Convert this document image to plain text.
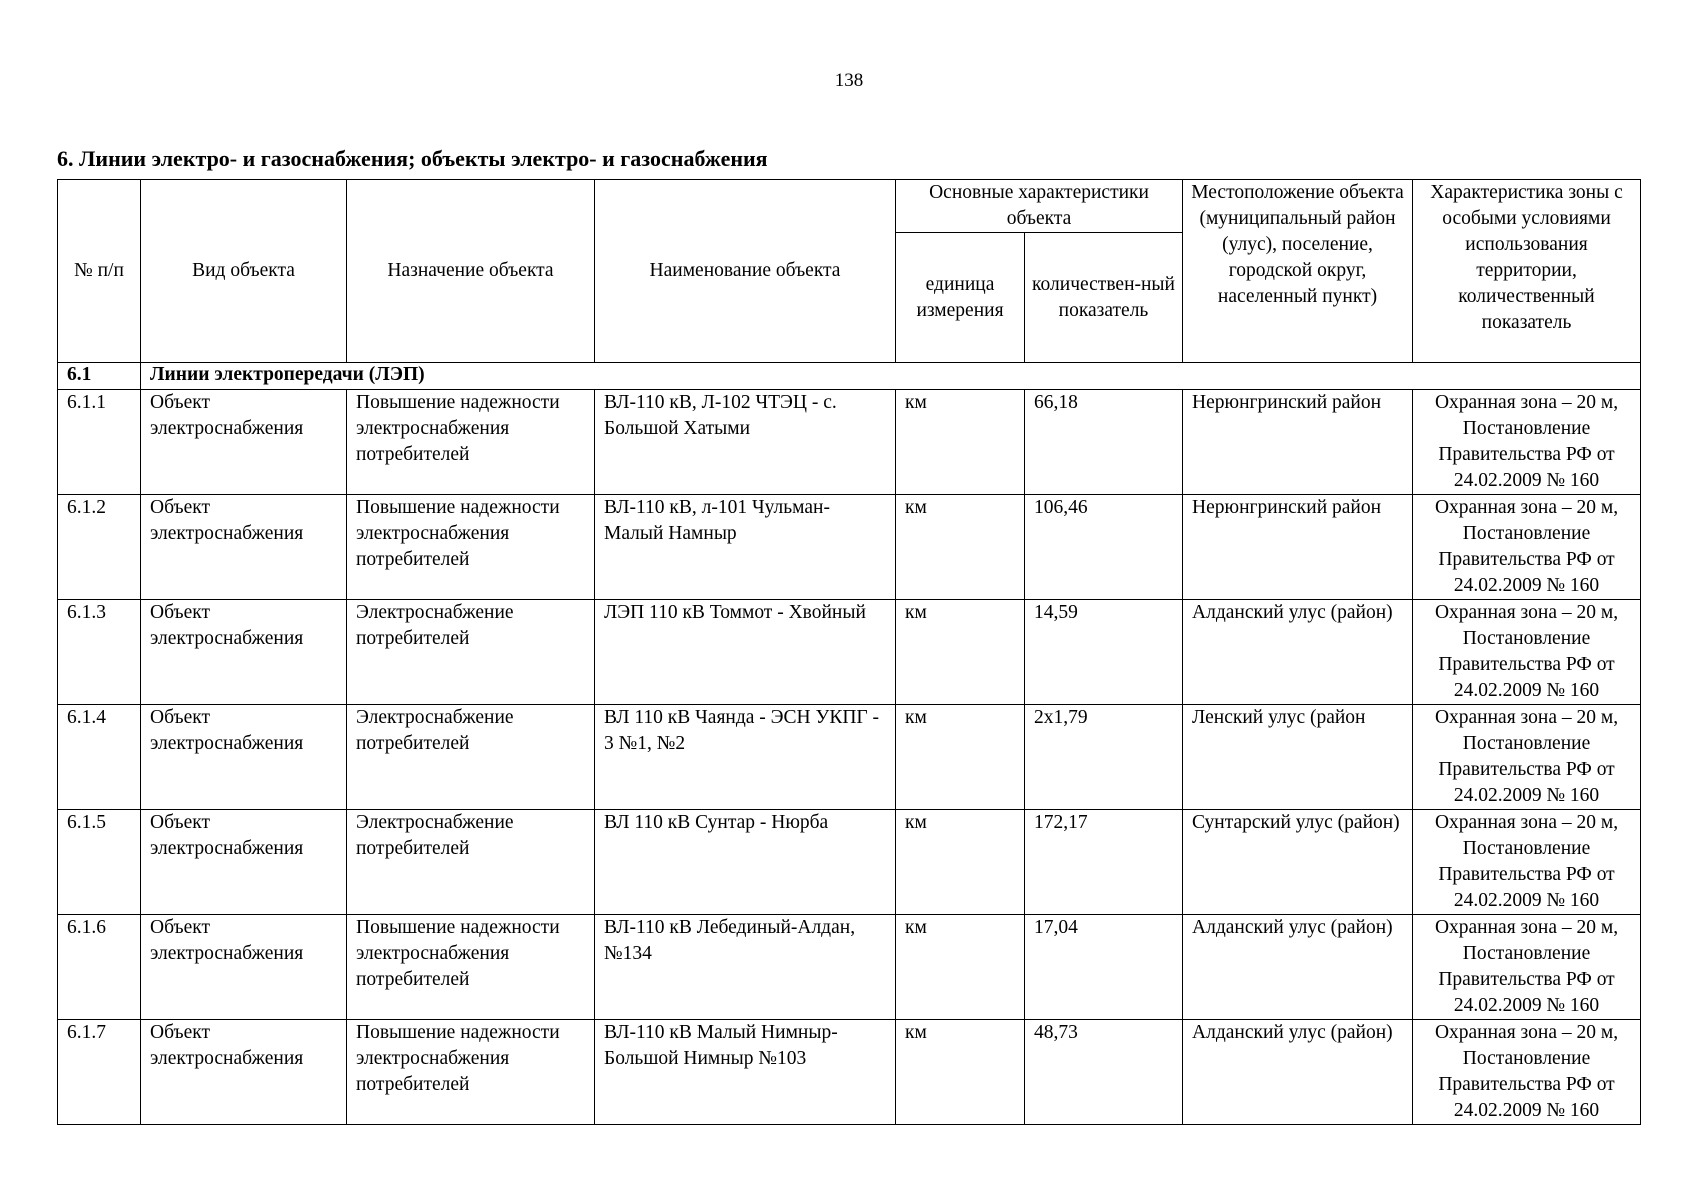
138
6. Линии электро- и газоснабжения; объекты электро- и газоснабжения
№ п/п	Вид объекта	Назначение объекта	Наименование объекта	Основные характеристики объекта		Местоположение объекта (муниципальный район (улус), поселение, городской округ, населенный пункт)	Характеристика зоны с особыми условиями использования территории, количественный показатель
				единица измерения	количествен-ный показатель		
6.1	Линии электропередачи (ЛЭП)						
6.1.1	Объект электроснабжения	Повышение надежности электроснабжения потребителей	ВЛ-110 кВ, Л-102 ЧТЭЦ - с. Большой Хатыми	км	66,18	Нерюнгринский район	Охранная зона – 20 м, Постановление Правительства РФ от 24.02.2009 № 160
6.1.2	Объект электроснабжения	Повышение надежности электроснабжения потребителей	ВЛ-110 кВ, л-101 Чульман-Малый Намныр	км	106,46	Нерюнгринский район	Охранная зона – 20 м, Постановление Правительства РФ от 24.02.2009 № 160
6.1.3	Объект электроснабжения	Электроснабжение потребителей	ЛЭП 110 кВ Томмот - Хвойный	км	14,59	Алданский улус (район)	Охранная зона – 20 м, Постановление Правительства РФ от 24.02.2009 № 160
6.1.4	Объект электроснабжения	Электроснабжение потребителей	ВЛ 110 кВ Чаянда - ЭСН УКПГ - 3 №1, №2	км	2х1,79	Ленский улус (район	Охранная зона – 20 м, Постановление Правительства РФ от 24.02.2009 № 160
6.1.5	Объект электроснабжения	Электроснабжение потребителей	ВЛ 110 кВ Сунтар - Нюрба	км	172,17	Сунтарский улус (район)	Охранная зона – 20 м, Постановление Правительства РФ от 24.02.2009 № 160
6.1.6	Объект электроснабжения	Повышение надежности электроснабжения потребителей	ВЛ-110 кВ Лебединый-Алдан, №134	км	17,04	Алданский улус (район)	Охранная зона – 20 м, Постановление Правительства РФ от 24.02.2009 № 160
6.1.7	Объект электроснабжения	Повышение надежности электроснабжения потребителей	ВЛ-110 кВ Малый Нимныр-Большой Нимныр №103	км	48,73	Алданский улус (район)	Охранная зона – 20 м, Постановление Правительства РФ от 24.02.2009 № 160
